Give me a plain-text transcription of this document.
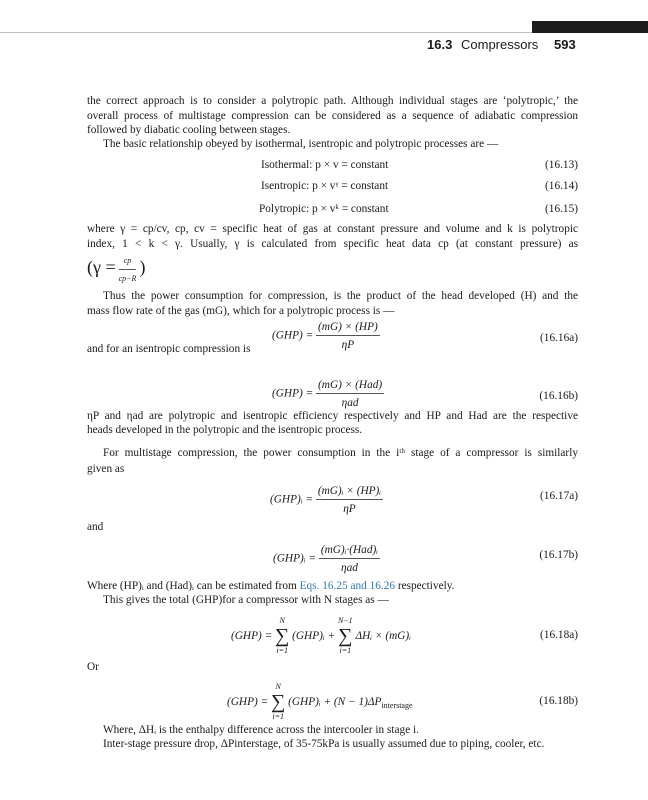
16.3 Compressors 593
the correct approach is to consider a polytropic path. Although individual stages are ‘polytropic,’ the
overall process of multistage compression can be considered as a sequence of adiabatic compression
followed by diabatic cooling between stages.
The basic relationship obeyed by isothermal, isentropic and polytropic processes are —
Isothermal: p × v = constant	(16.13)
Isentropic: p × vᵞ = constant	(16.14)
Polytropic: p × vᵏ = constant	(16.15)
where γ = cp/cv, cp, cv = specific heat of gas at constant pressure and volume and k is polytropic
index, 1 < k < γ. Usually, γ is calculated from specific heat data cp (at constant pressure) as
($\gamma = \frac{cp}{cp-R}$ )
Thus the power consumption for compression, is the product of the head developed (H) and the
mass flow rate of the gas (mG), which for a polytropic process is —
$(GHP) = \frac{(mG) \times (HP)}{\eta P}$	(16.16a)
and for an isentropic compression is
$(GHP) = \frac{\text{(mG) × (Had)}}{\text{ηad}}$	(16.16b)
ηP and ηad are polytropic and isentropic efficiency respectively and HP and Had are the respective
heads developed in the polytropic and the isentropic process.
For multistage compression, the power consumption in the iᵗʰ stage of a compressor is similarly
given as
(GHP)ᵢ = $\frac{\text{(mG)ᵢ × (HP)ᵢ}}{\eta P}$	(16.17a)
and
(GHP)ᵢ = $\frac{\text{(mG)ᵢ·(Had)ᵢ}}{\text{ηad}}$	(16.17b)
Where (HP)ᵢ and (Had)ᵢ can be estimated from Eqs. 16.25 and 16.26 respectively.
This gives the total (GHP)for a compressor with N stages as —
(GHP) =
N
∑
i=1
(GHP)ᵢ +
N−1
∑
i=1
ΔHᵢ × (mG)ᵢ	(16.18a)
Or
(GHP) =
N
∑
i=1
(GHP)ᵢ + $(N - 1)\Delta P_{interstage}$	(16.18b)
Where, ΔHᵢ is the enthalpy difference across the intercooler in stage i.
Inter-stage pressure drop, ΔPinterstage, of 35-75kPa is usually assumed due to piping, cooler, etc.
